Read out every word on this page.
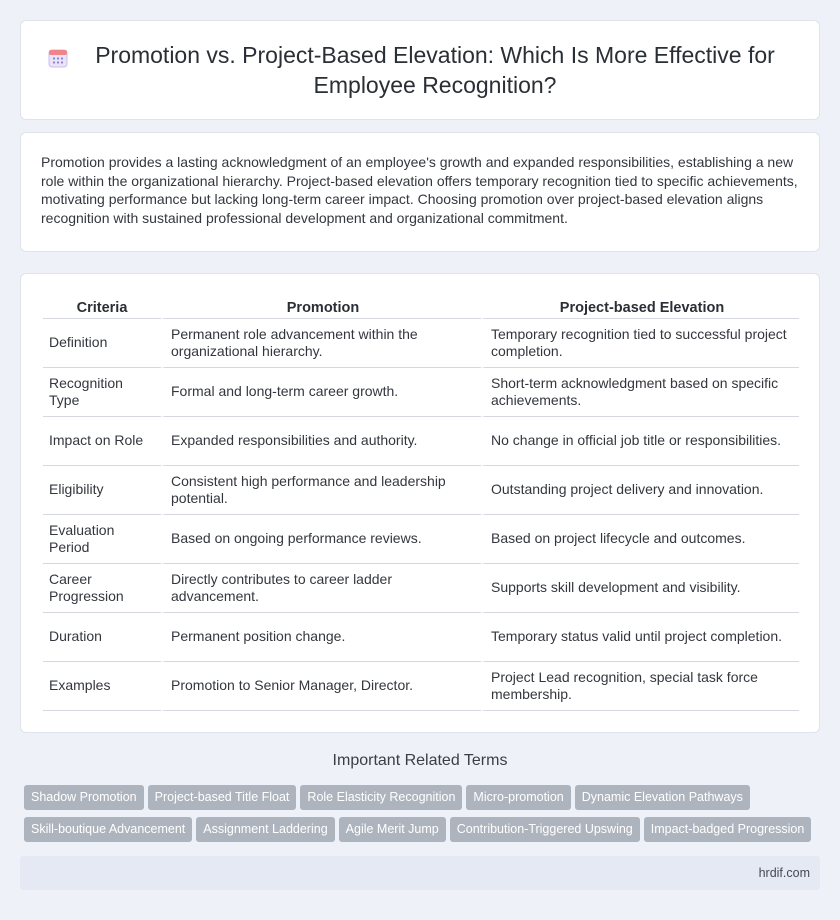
Promotion vs. Project-Based Elevation: Which Is More Effective for Employee Recognition?

Promotion provides a lasting acknowledgment of an employee's growth and expanded responsibilities, establishing a new role within the organizational hierarchy. Project-based elevation offers temporary recognition tied to specific achievements, motivating performance but lacking long-term career impact. Choosing promotion over project-based elevation aligns recognition with sustained professional development and organizational commitment.

Criteria	Promotion	Project-based Elevation
Definition	Permanent role advancement within the organizational hierarchy.	Temporary recognition tied to successful project completion.
Recognition Type	Formal and long-term career growth.	Short-term acknowledgment based on specific achievements.
Impact on Role	Expanded responsibilities and authority.	No change in official job title or responsibilities.
Eligibility	Consistent high performance and leadership potential.	Outstanding project delivery and innovation.
Evaluation Period	Based on ongoing performance reviews.	Based on project lifecycle and outcomes.
Career Progression	Directly contributes to career ladder advancement.	Supports skill development and visibility.
Duration	Permanent position change.	Temporary status valid until project completion.
Examples	Promotion to Senior Manager, Director.	Project Lead recognition, special task force membership.
Important Related Terms
Shadow Promotion Project-based Title Float Role Elasticity Recognition Micro-promotion Dynamic Elevation Pathways
Skill-boutique Advancement Assignment Laddering Agile Merit Jump Contribution-Triggered Upswing Impact-badged Progression
hrdif.com
